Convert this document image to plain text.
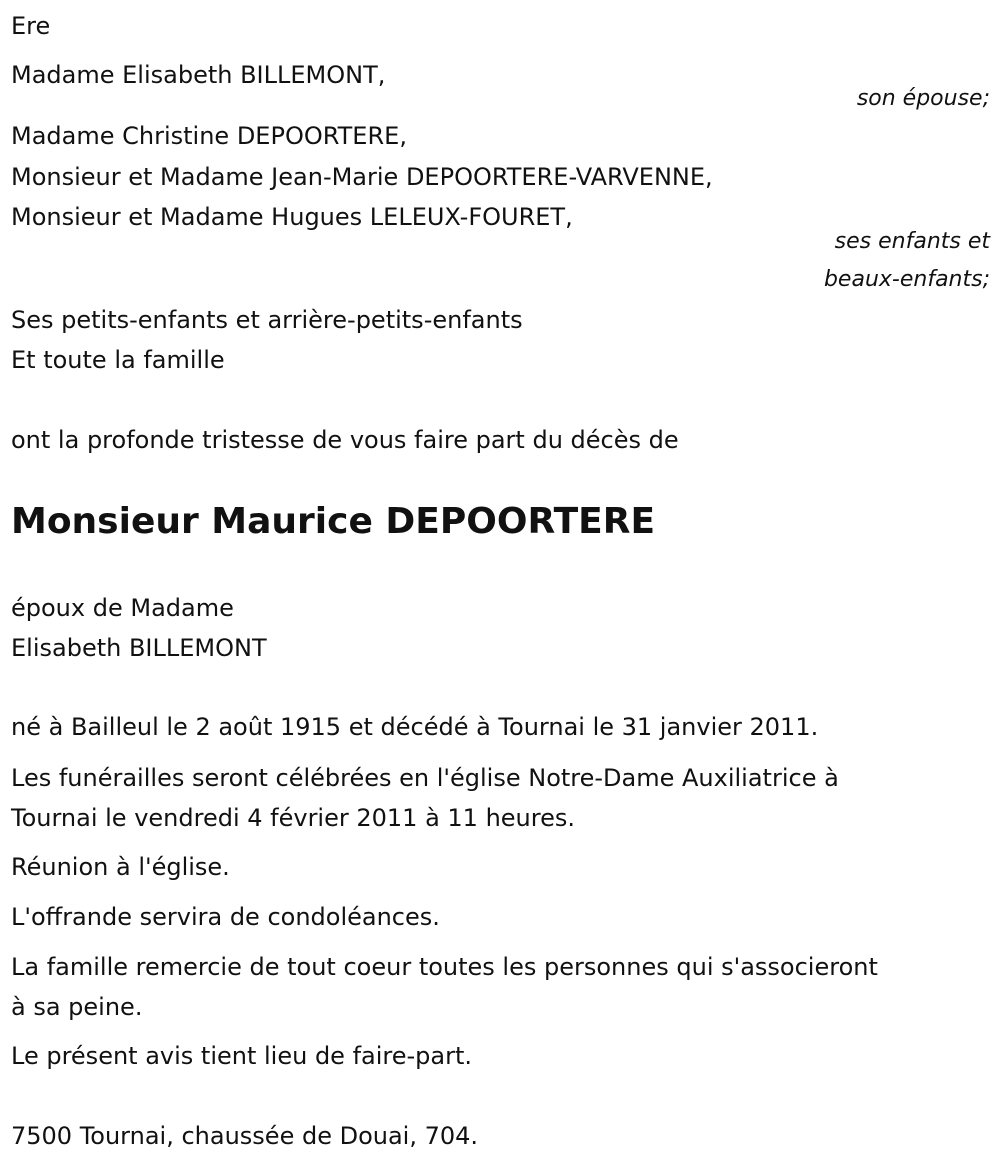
Ere
Madame Elisabeth BILLEMONT,
son épouse;
Madame Christine DEPOORTERE,
Monsieur et Madame Jean-Marie DEPOORTERE-VARVENNE,
Monsieur et Madame Hugues LELEUX-FOURET,
ses enfants et
beaux-enfants;
Ses petits-enfants et arrière-petits-enfants
Et toute la famille
ont la profonde tristesse de vous faire part du décès de
Monsieur Maurice DEPOORTERE
époux de Madame
Elisabeth BILLEMONT
né à Bailleul le 2 août 1915 et décédé à Tournai le 31 janvier 2011.
Les funérailles seront célébrées en l'église Notre-Dame Auxiliatrice à
Tournai le vendredi 4 février 2011 à 11 heures.
Réunion à l'église.
L'offrande servira de condoléances.
La famille remercie de tout coeur toutes les personnes qui s'associeront
à sa peine.
Le présent avis tient lieu de faire-part.
7500 Tournai, chaussée de Douai, 704.
